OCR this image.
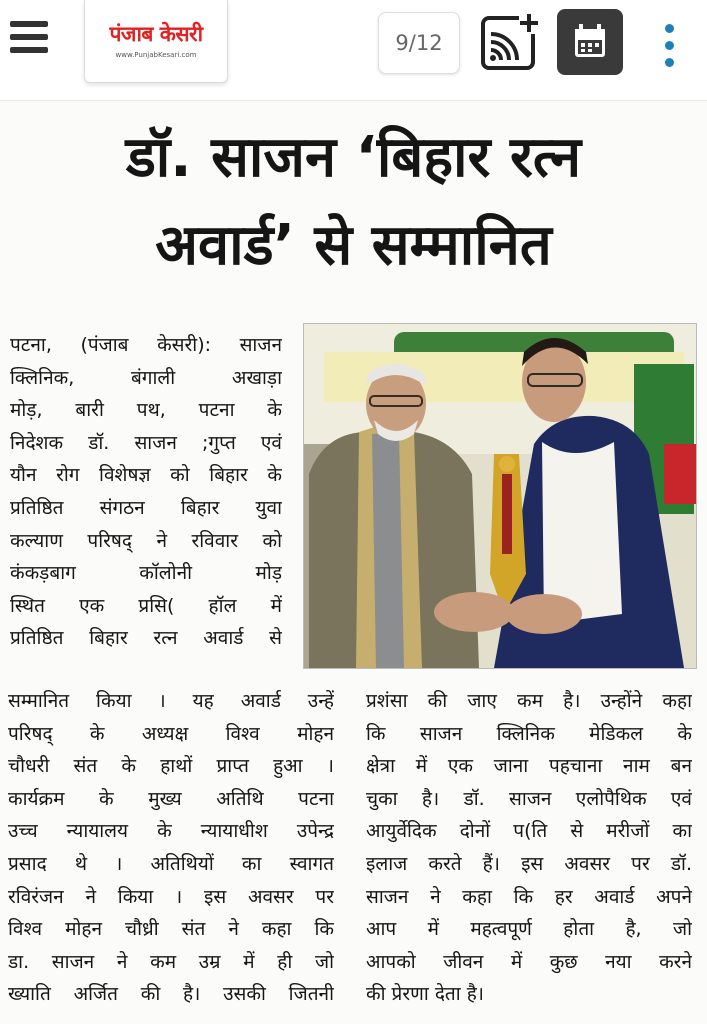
पंजाब केसरी
www.PunjabKesari.com	9/12
डॉ. साजन ‘बिहार रत्न
अवार्ड’ से सम्मानित
पटना, (पंजाब केसरी): साजन
क्लिनिक, बंगाली अखाड़ा
मोड़, बारी पथ, पटना के
निदेशक डॉ. साजन ;गुप्त एवं
यौन रोग विशेषज्ञ को बिहार के
प्रतिष्ठित संगठन बिहार युवा
कल्याण परिषद् ने रविवार को
कंकड़बाग कॉलोनी मोड़
स्थित एक प्रसि( हॉल में
प्रतिष्ठित बिहार रत्न अवार्ड से
सम्मानित किया । यह अवार्ड उन्हें
परिषद् के अध्यक्ष विश्व मोहन
चौधरी संत के हाथों प्राप्त हुआ ।
कार्यक्रम के मुख्य अतिथि पटना
उच्च न्यायालय के न्यायाधीश उपेन्द्र
प्रसाद थे । अतिथियों का स्वागत
रविरंजन ने किया । इस अवसर पर
विश्व मोहन चौध्री संत ने कहा कि
डा. साजन ने कम उम्र में ही जो
ख्याति अर्जित की है। उसकी जितनी
प्रशंसा की जाए कम है। उन्होंने कहा
कि साजन क्लिनिक मेडिकल के
क्षेत्रा में एक जाना पहचाना नाम बन
चुका है। डॉ. साजन एलोपैथिक एवं
आयुर्वेदिक दोनों प(ति से मरीजों का
इलाज करते हैं। इस अवसर पर डॉ.
साजन ने कहा कि हर अवार्ड अपने
आप में महत्वपूर्ण होता है, जो
आपको जीवन में कुछ नया करने
की प्रेरणा देता है।
